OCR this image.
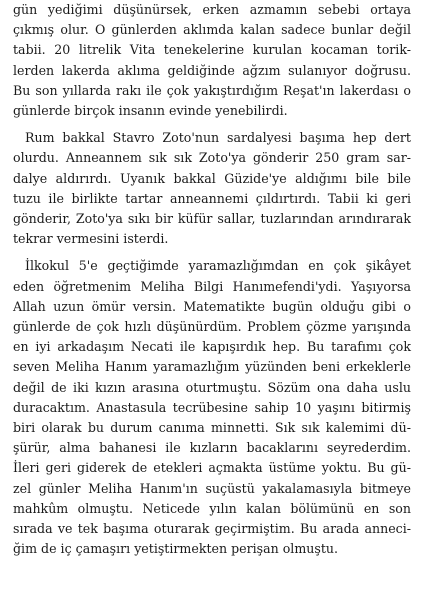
gün yediğimi düşünürsek, erken azmamın sebebi ortaya
çıkmış olur. O günlerden aklımda kalan sadece bunlar değil
tabii. 20 litrelik Vita tenekelerine kurulan kocaman torik-
lerden lakerda aklıma geldiğinde ağzım sulanıyor doğrusu.
Bu son yıllarda rakı ile çok yakıştırdığım Reşat'ın lakerdası o
günlerde birçok insanın evinde yenebilirdi.

Rum bakkal Stavro Zoto'nun sardalyesi başıma hep dert
olurdu. Anneannem sık sık Zoto'ya gönderir 250 gram sar-
dalye aldırırdı. Uyanık bakkal Güzide'ye aldığımı bile bile
tuzu ile birlikte tartar anneannemi çıldırtırdı. Tabii ki geri
gönderir, Zoto'ya sıkı bir küfür sallar, tuzlarından arındırarak
tekrar vermesini isterdi.

İlkokul 5'e geçtiğimde yaramazlığımdan en çok şikâyet
eden öğretmenim Meliha Bilgi Hanımefendi'ydi. Yaşıyorsa
Allah uzun ömür versin. Matematikte bugün olduğu gibi o
günlerde de çok hızlı düşünürdüm. Problem çözme yarışında
en iyi arkadaşım Necati ile kapışırdık hep. Bu tarafımı çok
seven Meliha Hanım yaramazlığım yüzünden beni erkeklerle
değil de iki kızın arasına oturtmuştu. Sözüm ona daha uslu
duracaktım. Anastasula tecrübesine sahip 10 yaşını bitirmiş
biri olarak bu durum canıma minnetti. Sık sık kalemimi dü-
şürür, alma bahanesi ile kızların bacaklarını seyrederdim.
İleri geri giderek de etekleri açmakta üstüme yoktu. Bu gü-
zel günler Meliha Hanım'ın suçüstü yakalamasıyla bitmeye
mahkûm olmuştu. Neticede yılın kalan bölümünü en son
sırada ve tek başıma oturarak geçirmiştim. Bu arada anneci-
ğim de iç çamaşırı yetiştirmekten perişan olmuştu.
